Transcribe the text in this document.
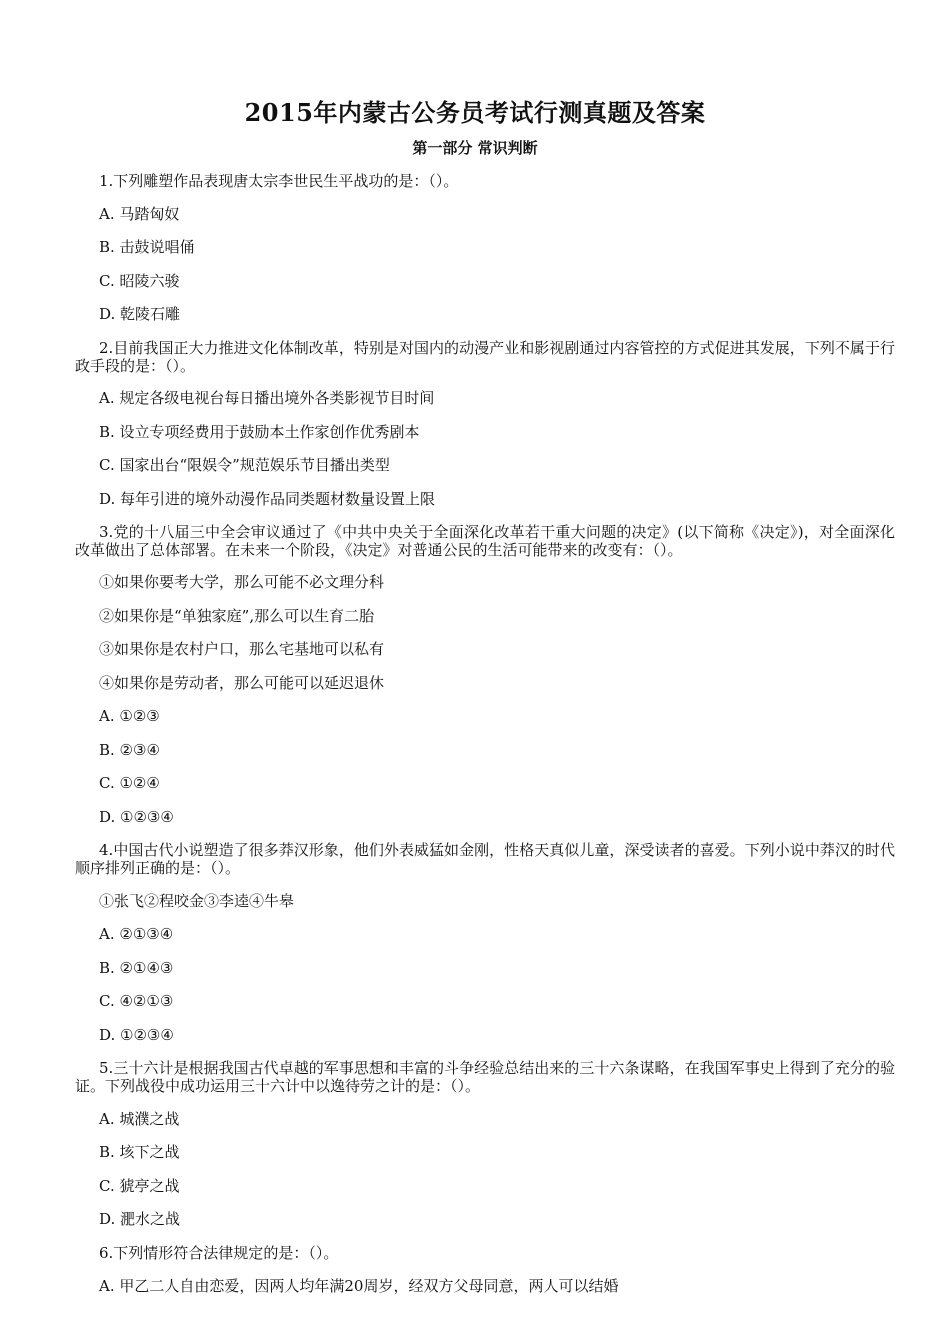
2015年内蒙古公务员考试行测真题及答案
第一部分 常识判断
1.下列雕塑作品表现唐太宗李世民生平战功的是：（）。
A. 马踏匈奴
B. 击鼓说唱俑
C. 昭陵六骏
D. 乾陵石雕
2.目前我国正大力推进文化体制改革，特别是对国内的动漫产业和影视剧通过内容管控的方式促进其发展，下列不属于行政手段的是：（）。
A. 规定各级电视台每日播出境外各类影视节目时间
B. 设立专项经费用于鼓励本土作家创作优秀剧本
C. 国家出台“限娱令”规范娱乐节目播出类型
D. 每年引进的境外动漫作品同类题材数量设置上限
3.党的十八届三中全会审议通过了《中共中央关于全面深化改革若干重大问题的决定》(以下简称《决定》)，对全面深化改革做出了总体部署。在未来一个阶段，《决定》对普通公民的生活可能带来的改变有：（）。
①如果你要考大学，那么可能不必文理分科
②如果你是“单独家庭”,那么可以生育二胎
③如果你是农村户口，那么宅基地可以私有
④如果你是劳动者，那么可能可以延迟退休
A. ①②③
B. ②③④
C. ①②④
D. ①②③④
4.中国古代小说塑造了很多莽汉形象，他们外表威猛如金刚，性格天真似儿童，深受读者的喜爱。下列小说中莽汉的时代顺序排列正确的是：（）。
①张飞②程咬金③李逵④牛皋
A. ②①③④
B. ②①④③
C. ④②①③
D. ①②③④
5.三十六计是根据我国古代卓越的军事思想和丰富的斗争经验总结出来的三十六条谋略，在我国军事史上得到了充分的验证。下列战役中成功运用三十六计中以逸待劳之计的是：（）。
A. 城濮之战
B. 垓下之战
C. 猇亭之战
D. 淝水之战
6.下列情形符合法律规定的是：（）。
A. 甲乙二人自由恋爱，因两人均年满20周岁，经双方父母同意，两人可以结婚
